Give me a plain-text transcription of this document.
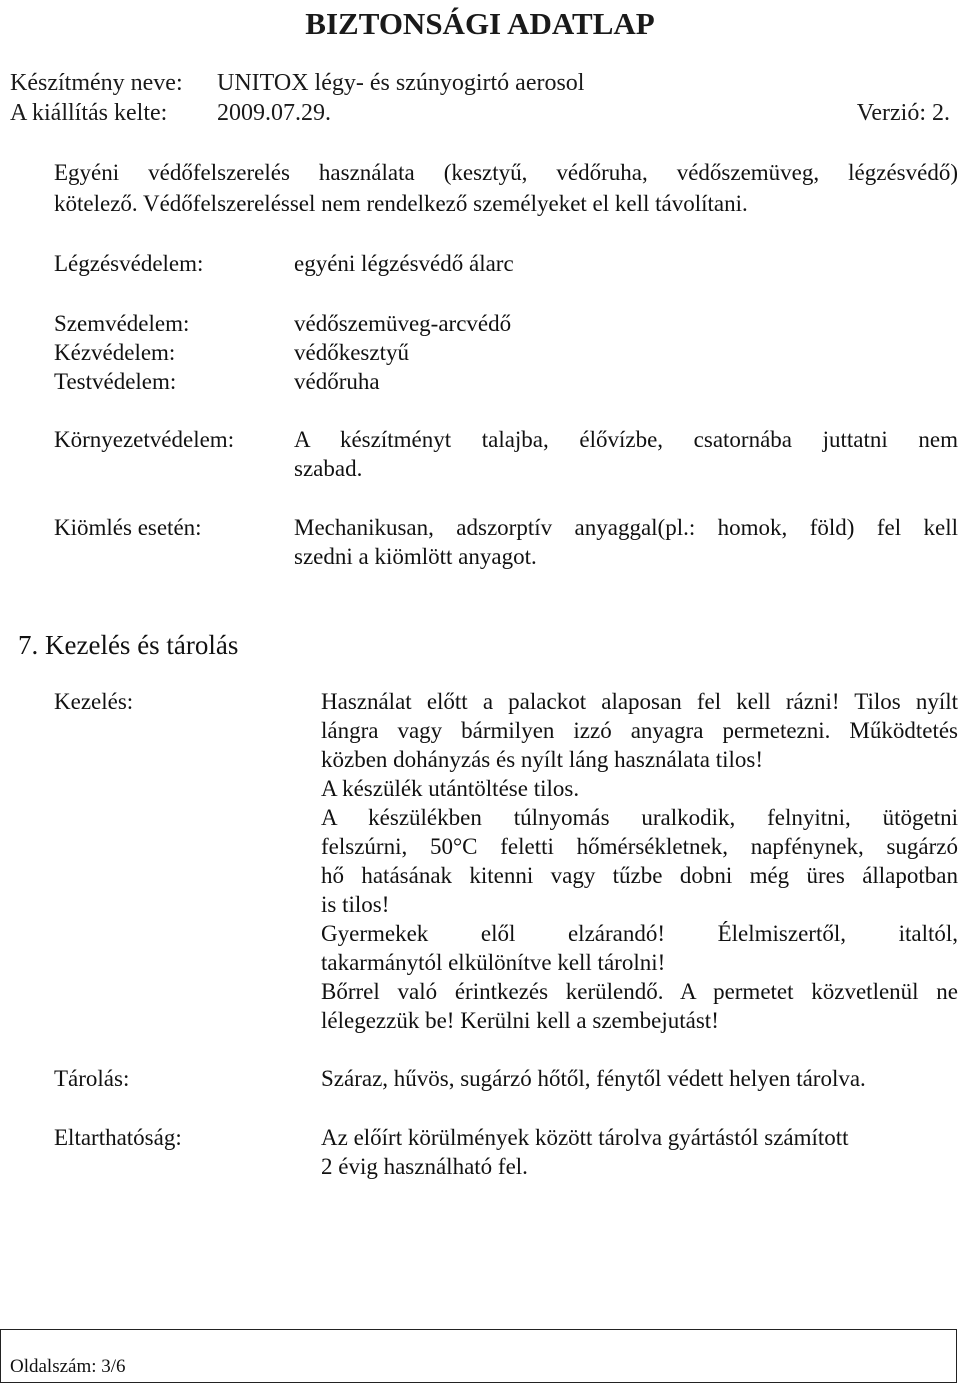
BIZTONSÁGI ADATLAP
Készítmény neve: UNITOX légy- és szúnyogirtó aerosol
A kiállítás kelte: 2009.07.29.	Verzió: 2.
Egyéni védőfelszerelés használata (kesztyű, védőruha, védőszemüveg, légzésvédő)
kötelező. Védőfelszereléssel nem rendelkező személyeket el kell távolítani.
Légzésvédelem:	egyéni légzésvédő álarc
Szemvédelem:	védőszemüveg-arcvédő
Kézvédelem:	védőkesztyű
Testvédelem:	védőruha
Környezetvédelem:	A készítményt talajba, élővízbe, csatornába juttatni nem
szabad.
Kiömlés esetén:	Mechanikusan, adszorptív anyaggal(pl.: homok, föld) fel kell
szedni a kiömlött anyagot.
7. Kezelés és tárolás
Kezelés:	Használat előtt a palackot alaposan fel kell rázni! Tilos nyílt
lángra vagy bármilyen izzó anyagra permetezni. Működtetés
közben dohányzás és nyílt láng használata tilos!
A készülék utántöltése tilos.
A készülékben túlnyomás uralkodik, felnyitni, ütögetni
felszúrni, 50°C feletti hőmérsékletnek, napfénynek, sugárzó
hő hatásának kitenni vagy tűzbe dobni még üres állapotban
is tilos!
Gyermekek elől elzárandó! Élelmiszertől, italtól,
takarmánytól elkülönítve kell tárolni!
Bőrrel való érintkezés kerülendő. A permetet közvetlenül ne
lélegezzük be! Kerülni kell a szembejutást!
Tárolás:	Száraz, hűvös, sugárzó hőtől, fénytől védett helyen tárolva.
Eltarthatóság:	Az előírt körülmények között tárolva gyártástól számított
2 évig használható fel.
Oldalszám: 3/6
